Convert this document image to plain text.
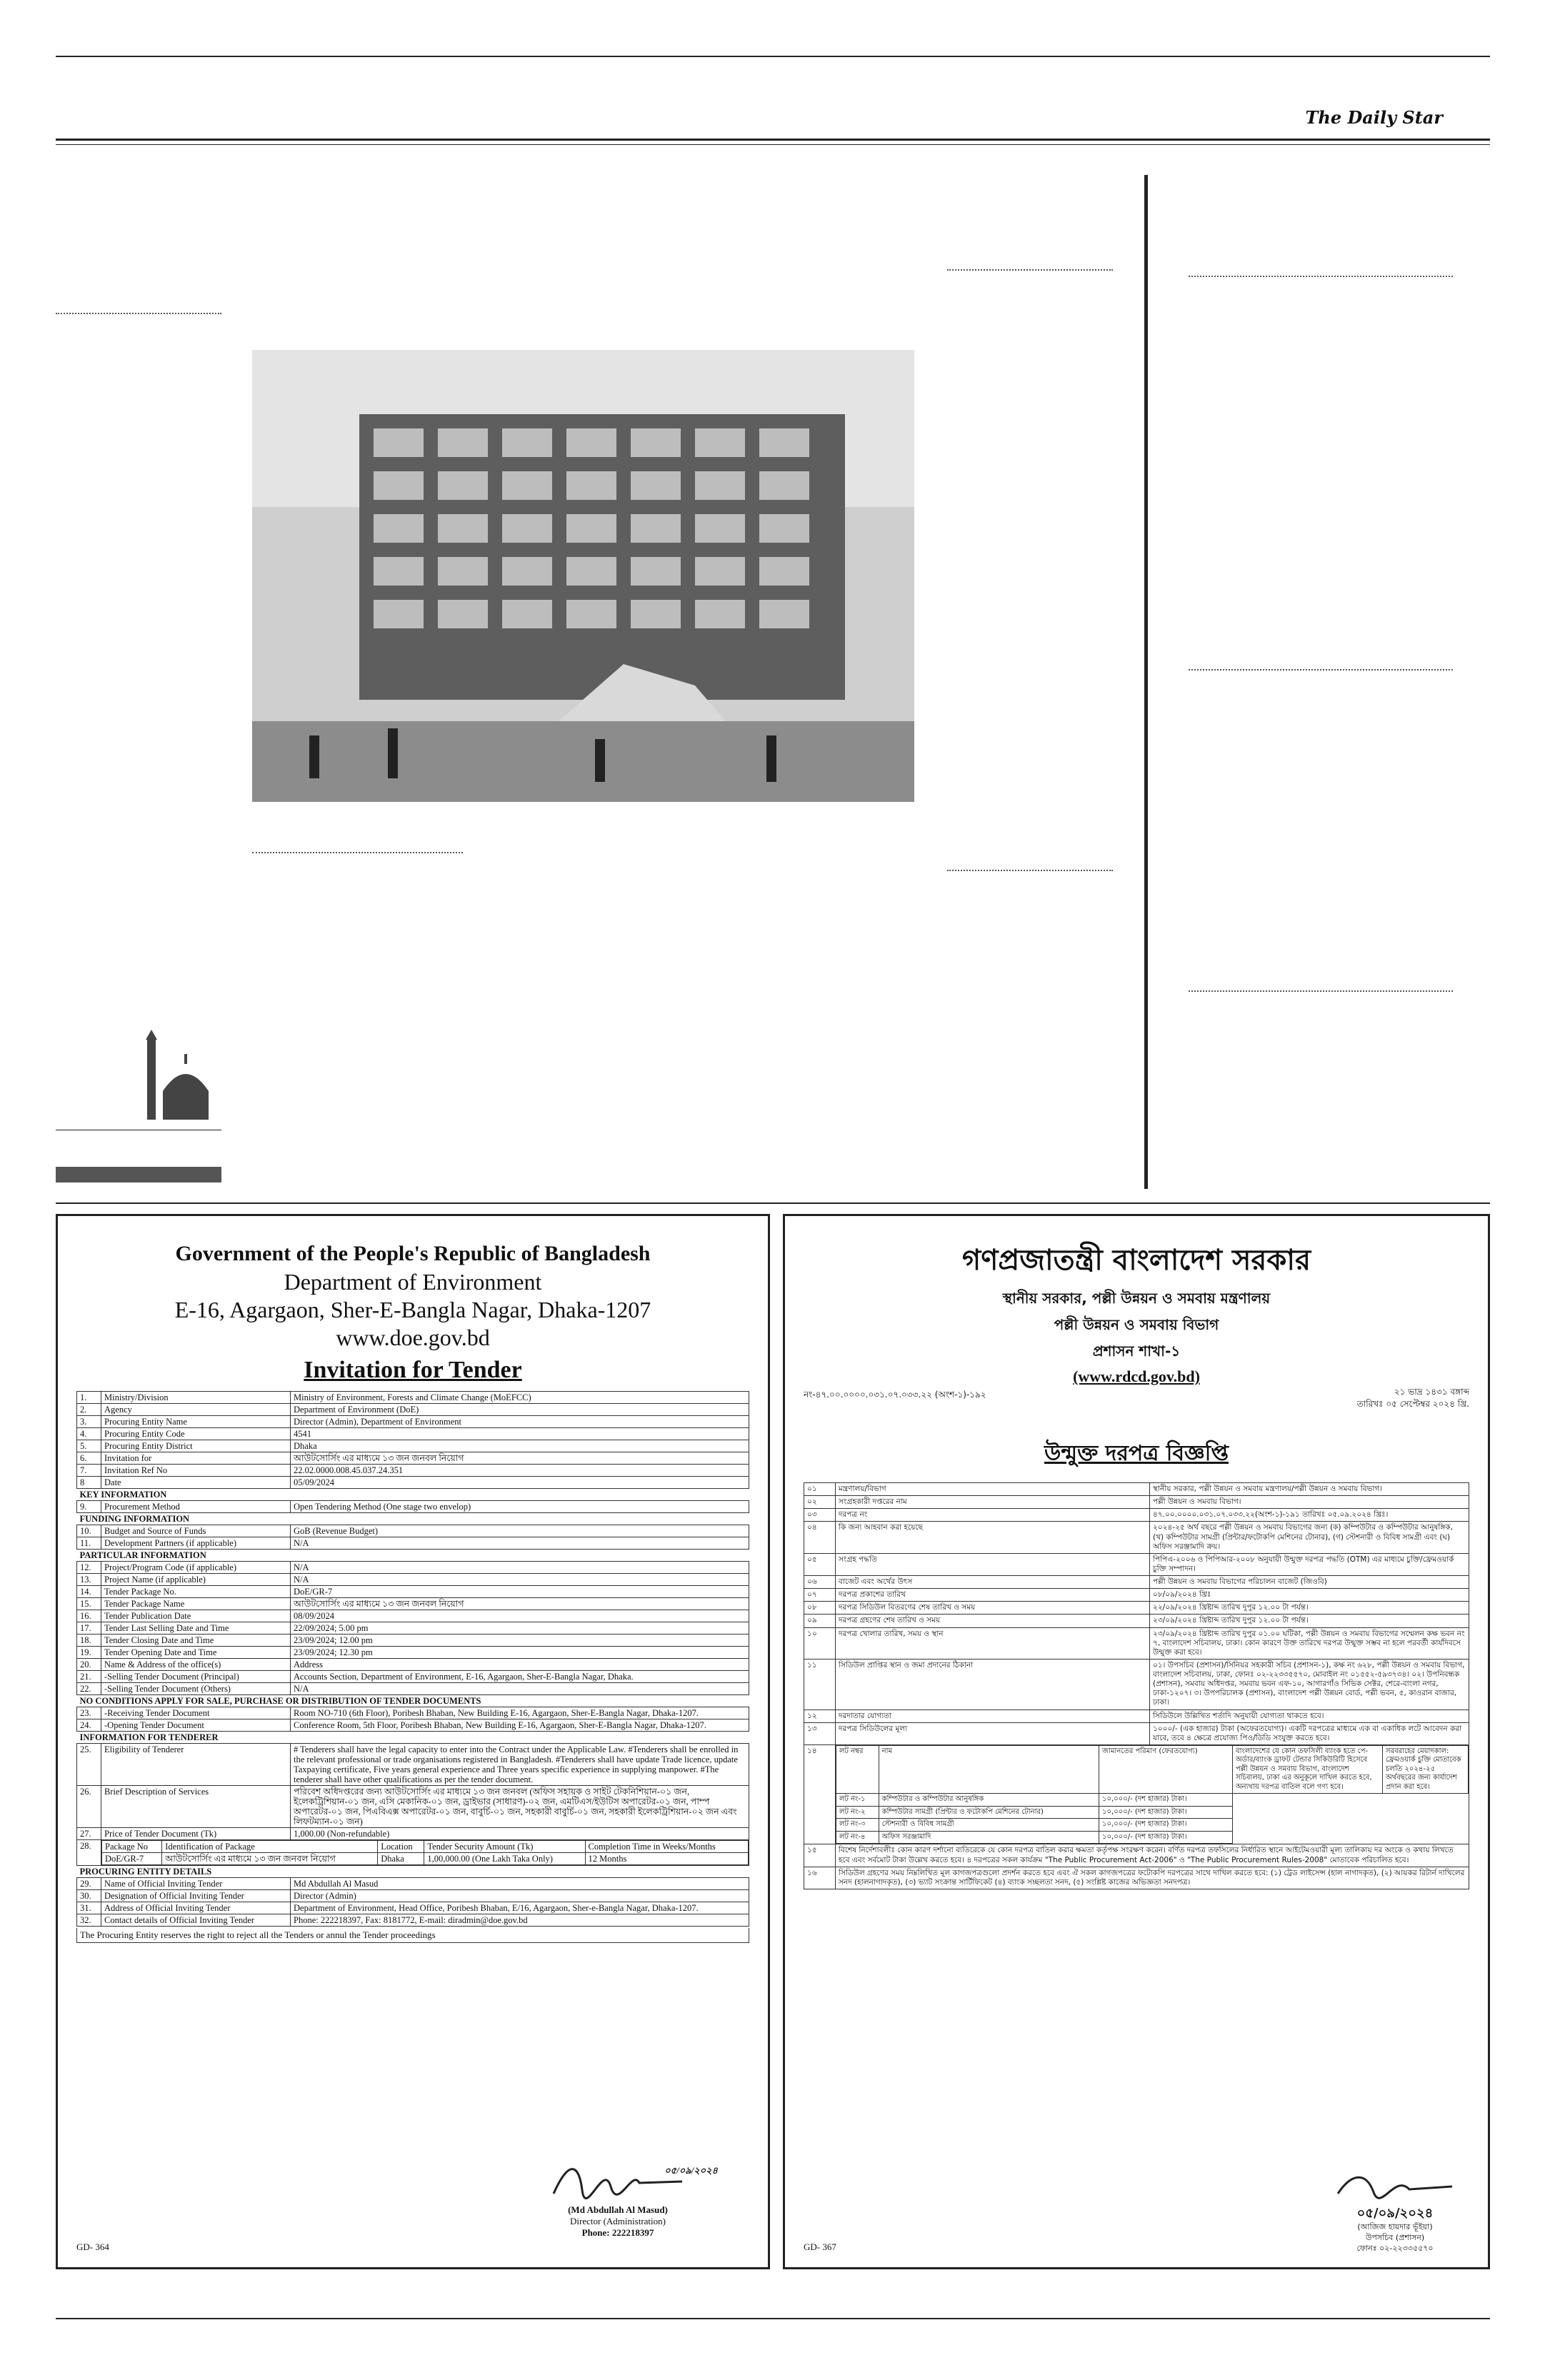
The Daily Star
Government of the People's Republic of Bangladesh
Department of Environment
E-16, Agargaon, Sher-E-Bangla Nagar, Dhaka-1207
www.doe.gov.bd
Invitation for Tender
1.	Ministry/Division	Ministry of Environment, Forests and Climate Change (MoEFCC)
2.	Agency	Department of Environment (DoE)
3.	Procuring Entity Name	Director (Admin), Department of Environment
4.	Procuring Entity Code	4541
5.	Procuring Entity District	Dhaka
6.	Invitation for	আউটসোর্সিং এর মাধ্যমে ১৩ জন জনবল নিয়োগ
7.	Invitation Ref No	22.02.0000.008.45.037.24.351
8	Date	05/09/2024
KEY INFORMATION
9.	Procurement Method	Open Tendering Method (One stage two envelop)
FUNDING INFORMATION
10.	Budget and Source of Funds	GoB (Revenue Budget)
11.	Development Partners (if applicable)	N/A
PARTICULAR INFORMATION
12.	Project/Program Code (if applicable)	N/A
13.	Project Name (if applicable)	N/A
14.	Tender Package No.	DoE/GR-7
15.	Tender Package Name	আউটসোর্সিং এর মাধ্যমে ১৩ জন জনবল নিয়োগ
16.	Tender Publication Date	08/09/2024
17.	Tender Last Selling Date and Time	22/09/2024; 5.00 pm
18.	Tender Closing Date and Time	23/09/2024; 12.00 pm
19.	Tender Opening Date and Time	23/09/2024; 12.30 pm
20.	Name & Address of the office(s)	Address
21.	-Selling Tender Document (Principal)	Accounts Section, Department of Environment, E-16, Agargaon, Sher-E-Bangla Nagar, Dhaka.
22.	-Selling Tender Document (Others)	N/A
NO CONDITIONS APPLY FOR SALE, PURCHASE OR DISTRIBUTION OF TENDER DOCUMENTS
23.	-Receiving Tender Document	Room NO-710 (6th Floor), Poribesh Bhaban, New Building E-16, Agargaon, Sher-E-Bangla Nagar, Dhaka-1207.
24.	-Opening Tender Document	Conference Room, 5th Floor, Poribesh Bhaban, New Building E-16, Agargaon, Sher-E-Bangla Nagar, Dhaka-1207.
INFORMATION FOR TENDERER
25.	Eligibility of Tenderer	# Tenderers shall have the legal capacity to enter into the Contract under the Applicable Law. #Tenderers shall be enrolled in the relevant professional or trade organisations registered in Bangladesh. #Tenderers shall have update Trade licence, update Taxpaying certificate, Five years general experience and Three years specific experience in supplying manpower. #The tenderer shall have other qualifications as per the tender document.
26.	Brief Description of Services	পরিবেশ অধিদপ্তরের জন্য আউটসোর্সিং এর মাধ্যমে ১৩ জন জনবল (অফিস সহায়ক ও সাইট টেকনিশিয়ান-০১ জন, ইলেকট্রিশিয়ান-০১ জন, এসি মেকানিক-০১ জন, ড্রাইভার (সাধারণ)-০২ জন, এমটিএস/ইউটিস অপারেটর-০১ জন, পাম্প অপারেটর-০১ জন, পিএবিএক্স অপারেটর-০১ জন, বাবুর্চি-০১ জন, সহকারী বাবুর্চি-০১ জন, সহকারী ইলেকট্রিশিয়ান-০২ জন এবং লিফটম্যান-০১ জন)
27.	Price of Tender Document (Tk)	1,000.00 (Non-refundable)
28.	Package No	Identification of Package	Location	Tender Security Amount (Tk)	Completion Time in Weeks/Months
DoE/GR-7	আউটসোর্সিং এর মাধ্যমে ১৩ জন জনবল নিয়োগ	Dhaka	1,00,000.00 (One Lakh Taka Only)	12 Months

PROCURING ENTITY DETAILS
29.	Name of Official Inviting Tender	Md Abdullah Al Masud
30.	Designation of Official Inviting Tender	Director (Admin)
31.	Address of Official Inviting Tender	Department of Environment, Head Office, Poribesh Bhaban, E/16, Agargaon, Sher-e-Bangla Nagar, Dhaka-1207.
32.	Contact details of Official Inviting Tender	Phone: 222218397, Fax: 8181772, E-mail: diradmin@doe.gov.bd
The Procuring Entity reserves the right to reject all the Tenders or annul the Tender proceedings
০৫/০৯/২০২৪
(Md Abdullah Al Masud)
Director (Administration)
Phone: 222218397
GD- 364
গণপ্রজাতন্ত্রী বাংলাদেশ সরকার
স্থানীয় সরকার, পল্লী উন্নয়ন ও সমবায় মন্ত্রণালয়
পল্লী উন্নয়ন ও সমবায় বিভাগ
প্রশাসন শাখা-১
(www.rdcd.gov.bd)
নং-৪৭.০০.০০০০.০৩১.০৭.০৩৩.২২ (অংশ-১)-১৯২	২১ ভাদ্র ১৪৩১ বঙ্গাব্দ
তারিখঃ ০৫ সেপ্টেম্বর ২০২৪ খ্রি.
উন্মুক্ত দরপত্র বিজ্ঞপ্তি
০১	মন্ত্রণালয়/বিভাগ	স্থানীয় সরকার, পল্লী উন্নয়ন ও সমবায় মন্ত্রণালয়/পল্লী উন্নয়ন ও সমবায় বিভাগ।
০২	সংগ্রহকারী দপ্তরের নাম	পল্লী উন্নয়ন ও সমবায় বিভাগ।
০৩	দরপত্র নং	৪৭.০০.০০০০.০৩১.০৭.০৩৩.২২(অংশ-১)-১৯১ তারিখঃ ০৫.০৯.২০২৪ খ্রিঃ।
০৪	কি জন্য আহবান করা হয়েছে	২০২৪-২৫ অর্থ বছরে পল্লী উন্নয়ন ও সমবায় বিভাগের জন্য (ক) কম্পিউটার ও কম্পিউটার আনুষঙ্গিক, (খ) কম্পিউটার সামগ্রী (প্রিন্টার/ফটোকপি মেশিনের টোনার), (গ) স্টেশনারী ও বিবিধ সামগ্রী এবং (ঘ) অফিস সরঞ্জামাদি ক্রয়।
০৫	সংগ্রহ পদ্ধতি	পিপিএ-২০০৬ ও পিপিআর-২০০৮ অনুযায়ী উন্মুক্ত দরপত্র পদ্ধতি (OTM) এর মাধ্যমে চুক্তি/ফ্রেমওয়ার্ক চুক্তি সম্পাদন।
০৬	বাজেট এবং অর্থের উৎস	পল্লী উন্নয়ন ও সমবায় বিভাগের পরিচালন বাজেট (জিওবি)
০৭	দরপত্র প্রকাশের তারিখ	০৮/০৯/২০২৪ খ্রিঃ
০৮	দরপত্র সিডিউল বিতরণের শেষ তারিখ ও সময়	২২/০৯/২০২৪ খ্রিষ্টাব্দ তারিখ দুপুর ১২.০০ টা পর্যন্ত।
০৯	দরপত্র গ্রহণের শেষ তারিখ ও সময়	২৩/০৯/২০২৪ খ্রিষ্টাব্দ তারিখ দুপুর ১২.০০ টা পর্যন্ত।
১০	দরপত্র খোলার তারিখ, সময় ও স্থান	২৩/০৯/২০২৪ খ্রিষ্টাব্দ তারিখ দুপুর ০১.০০ ঘটিকা, পল্লী উন্নয়ন ও সমবায় বিভাগের সম্মেলন কক্ষ ভবন নং ৭, বাংলাদেশ সচিবালয়, ঢাকা। কোন কারণে উক্ত তারিখে দরপত্র উন্মুক্ত সম্ভব না হলে পরবর্তী কার্যদিবসে উন্মুক্ত করা হবে।
১১	সিডিউল প্রাপ্তির স্থান ও জমা প্রদানের ঠিকানা	০১। উপসচিব (প্রশাসন)/সিনিয়র সহকারী সচিব (প্রশাসন-১), কক্ষ নং ৬২৮, পল্লী উন্নয়ন ও সমবায় বিভাগ, বাংলাদেশ সচিবালয়, ঢাকা, ফোনঃ ০২-২২৩৩৫৫৭০, মোবাইল নং ০১৫৫২-৫৯৩৭৩৪। ০২। উপনিবন্ধক (প্রশাসন), সমবায় অধিদপ্তর, সমবায় ভবন এফ-১০, আগারগাঁও সিভিক সেক্টর, শেরে-বাংলা নগর, ঢাকা-১২০৭। ৩। উপপরিচালক (প্রশাসন), বাংলাদেশ পল্লী উন্নয়ন বোর্ড, পল্লী ভবন, ৫, কাওরান বাজার, ঢাকা।
১২	দরদাতার যোগ্যতা	সিডিউলে উল্লিখিত শর্তাদি অনুযায়ী যোগ্যতা থাকতে হবে।
১৩	দরপত্র সিডিউলের মূল্য	১০০০/- (এক হাজার) টাকা (অফেরতযোগ্য)। একটি দরপত্রের মাধ্যমে এক বা একাধিক লটে আবেদন করা যাবে, তবে ৪ ক্ষেত্রে প্রযোজ্য পিও/ডিডি সংযুক্ত করতে হবে।
১৪		লট নম্বর	নাম	জামানতের পরিমাণ (ফেরতযোগ্য)	বাংলাদেশের যে কোন তফসিলী ব্যাংক হতে পে-অর্ডার/ব্যাংক ড্রাফট টেন্ডার সিকিউরিটি হিসেবে পল্লী উন্নয়ন ও সমবায় বিভাগ, বাংলাদেশ সচিবালয়, ঢাকা এর অনুকূলে দাখিল করতে হবে, অন্যথায় দরপত্র বাতিল বলে গণ্য হবে।	সরবরাহের মেয়াদকাল: ফ্রেমওয়ার্ক চুক্তি মোতাবেক চলতি ২০২৪-২৫ অর্থবছরের জন্য কার্যাদেশ প্রদান করা হবে।
লট নং-১	কম্পিউটার ও কম্পিউটার আনুষঙ্গিক	১০,০০০/- (দশ হাজার) টাকা।
লট নং-২	কম্পিউটার সামগ্রী (প্রিন্টার ও ফটোকপি মেশিনের টোনার)	১০,০০০/- (দশ হাজার) টাকা।
লট নং-৩	স্টেশনারী ও বিবিধ সামগ্রী	১০,০০০/- (দশ হাজার) টাকা।
লট নং-৪	অফিস সরঞ্জামাদি	১০,০০০/- (দশ হাজার) টাকা।

১৫	বিশেষ নির্দেশাবলীঃ কোন কারণ দর্শানো ব্যতিরেকে যে কোন দরপত্র বাতিল করার ক্ষমতা কর্তৃপক্ষ সংরক্ষণ করেন। বর্ণিত দরপত্র তফসিলের নির্ধারিত স্থানে আইটেমওয়ারী মূল্য তালিকায় দর অংকে ও কথায় লিখতে হবে এবং সর্বমোট টাকা উল্লেখ করতে হবে। ৪ দরপত্রের সকল কার্যক্রম "The Public Procurement Act-2006" ও "The Public Procurement Rules-2008" মোতাবেক পরিচালিত হবে।
১৬	সিডিউল গ্রহণের সময় নিম্নলিখিত মূল কাগজপত্রগুলো প্রদর্শন করতে হবে এবং ঐ সকল কাগজপত্রের ফটোকপি দরপত্রের সাথে দাখিল করতে হবে: (১) ট্রেড লাইসেন্স (হাল নাগাদকৃত), (২) আয়কর রিটার্ন দাখিলের সনদ (হালনাগাদকৃত), (৩) ভ্যাট সংক্রান্ত সার্টিফিকেট (৪) ব্যাংক সচ্ছলতা সনদ, (৫) সংশ্লিষ্ট কাজের অভিজ্ঞতা সনদপত্র।
০৫/০৯/২০২৪
(আজিজ হায়দার ভূঁইয়া)
উপসচিব (প্রশাসন)
ফোনঃ ০২-২২৩৩৫৫৭০
GD- 367
